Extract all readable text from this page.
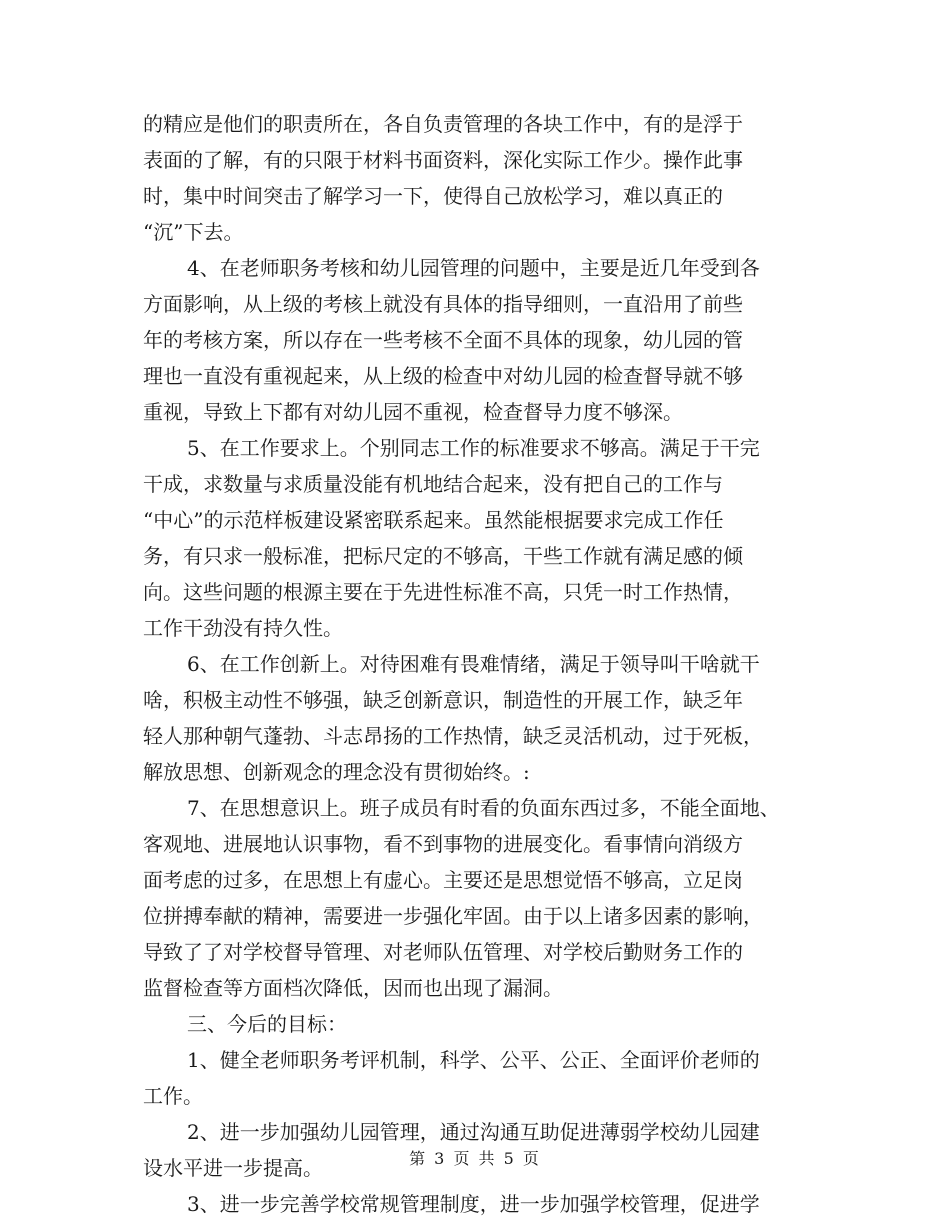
的精应是他们的职责所在，各自负责管理的各块工作中，有的是浮于
表面的了解，有的只限于材料书面资料，深化实际工作少。操作此事
时，集中时间突击了解学习一下，使得自己放松学习，难以真正的
“沉”下去。
4、在老师职务考核和幼儿园管理的问题中，主要是近几年受到各
方面影响，从上级的考核上就没有具体的指导细则，一直沿用了前些
年的考核方案，所以存在一些考核不全面不具体的现象，幼儿园的管
理也一直没有重视起来，从上级的检查中对幼儿园的检查督导就不够
重视，导致上下都有对幼儿园不重视，检查督导力度不够深。
5、在工作要求上。个别同志工作的标准要求不够高。满足于干完
干成，求数量与求质量没能有机地结合起来，没有把自己的工作与
“中心”的示范样板建设紧密联系起来。虽然能根据要求完成工作任
务，有只求一般标准，把标尺定的不够高，干些工作就有满足感的倾
向。这些问题的根源主要在于先进性标准不高，只凭一时工作热情，
工作干劲没有持久性。
6、在工作创新上。对待困难有畏难情绪，满足于领导叫干啥就干
啥，积极主动性不够强，缺乏创新意识，制造性的开展工作，缺乏年
轻人那种朝气蓬勃、斗志昂扬的工作热情，缺乏灵活机动，过于死板，
解放思想、创新观念的理念没有贯彻始终。:
7、在思想意识上。班子成员有时看的负面东西过多，不能全面地、
客观地、进展地认识事物，看不到事物的进展变化。看事情向消级方
面考虑的过多，在思想上有虚心。主要还是思想觉悟不够高，立足岗
位拼搏奉献的精神，需要进一步强化牢固。由于以上诸多因素的影响，
导致了了对学校督导管理、对老师队伍管理、对学校后勤财务工作的
监督检查等方面档次降低，因而也出现了漏洞。
三、今后的目标：
1、健全老师职务考评机制，科学、公平、公正、全面评价老师的
工作。
2、进一步加强幼儿园管理，通过沟通互助促进薄弱学校幼儿园建
设水平进一步提高。
3、进一步完善学校常规管理制度，进一步加强学校管理，促进学
第 3 页 共 5 页
